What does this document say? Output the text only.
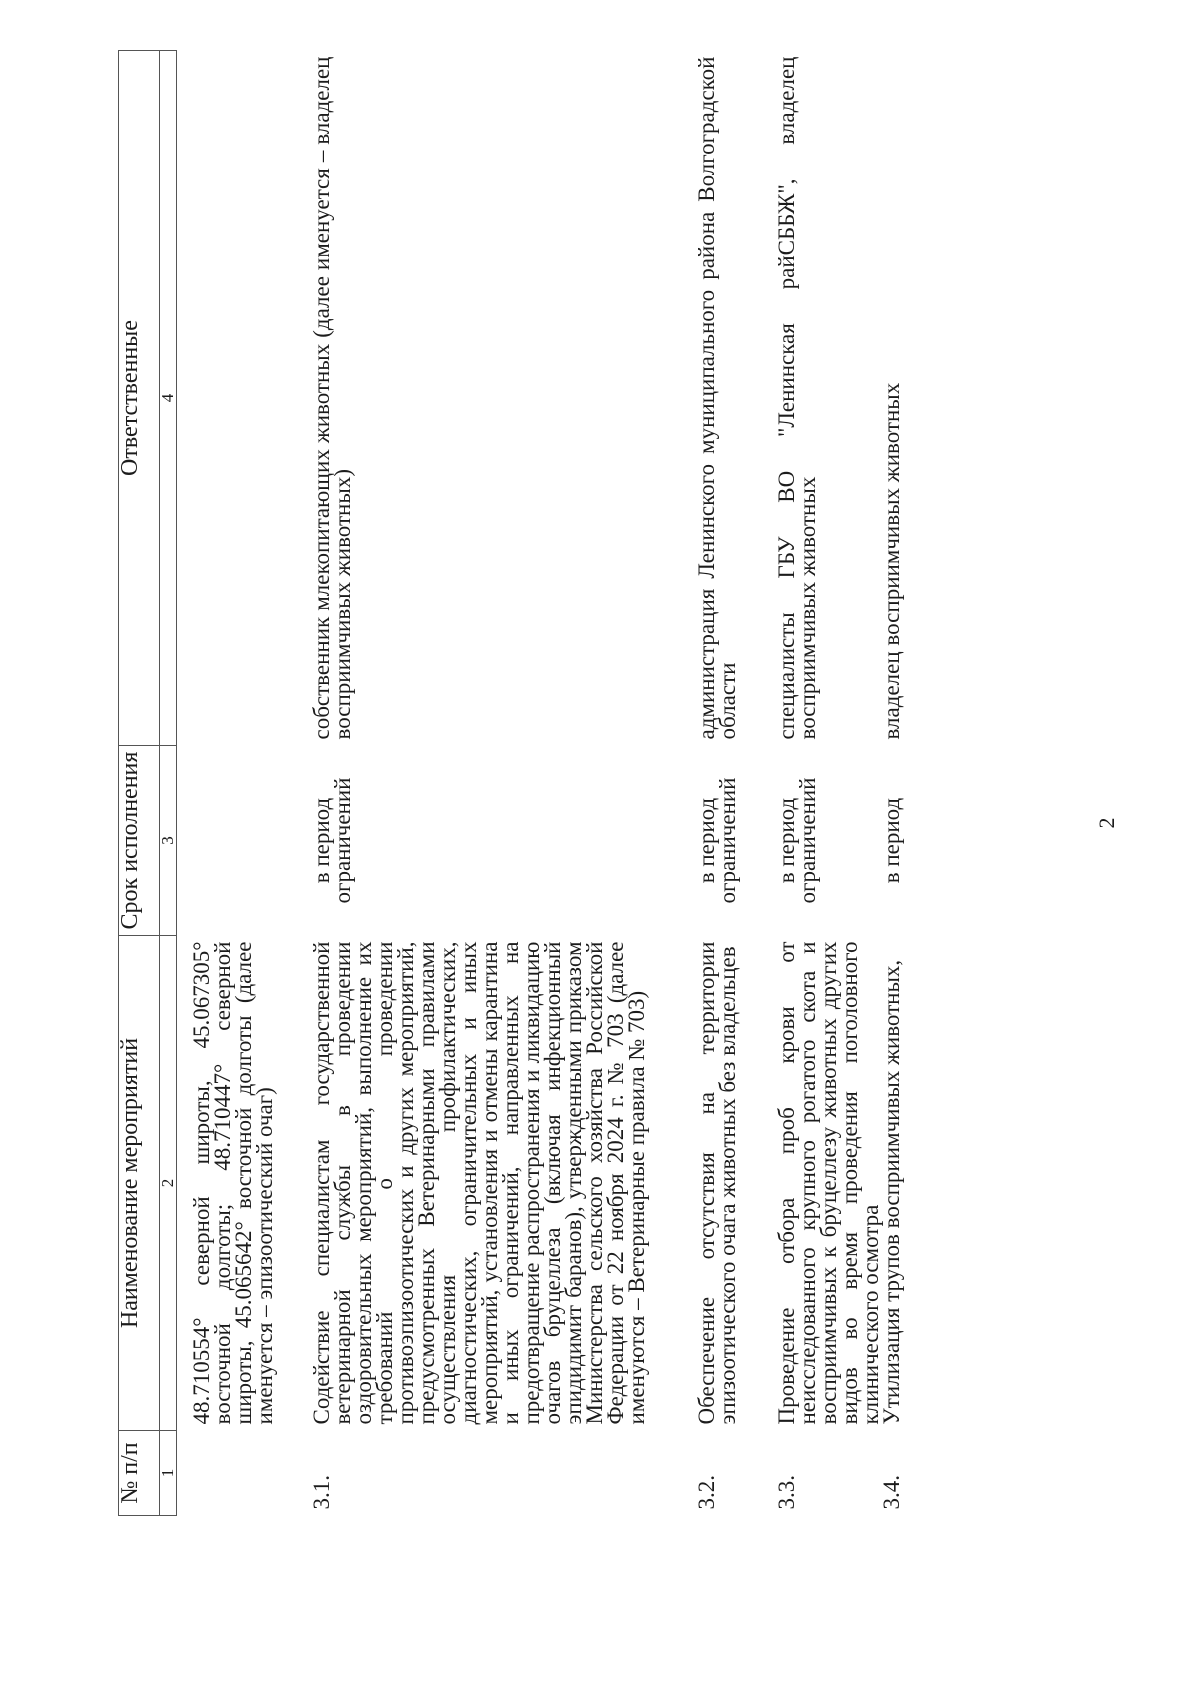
2
№ п/п	Наименование мероприятий	Срок исполнения	Ответственные
1	2	3	4
	48.710554° северной широты, 45.067305° восточной долготы; 48.710447° северной широты, 45.065642° восточной долготы (далее именуется – эпизоотический очаг)		
3.1.	Содействие специалистам государственной ветеринарной службы в проведении оздоровительных мероприятий, выполнение их требований о проведении противоэпизоотических и других мероприятий, предусмотренных Ветеринарными правилами осуществления профилактических, диагностических, ограничительных и иных мероприятий, установления и отмены карантина и иных ограничений, направленных на предотвращение распространения и ликвидацию очагов бруцеллеза (включая инфекционный эпидидимит баранов), утвержденными приказом Министерства сельского хозяйства Российской Федерации от 22 ноября 2024 г. № 703 (далее именуются – Ветеринарные правила № 703)	в период ограничений	собственник млекопитающих животных (далее именуется – владелец восприимчивых животных)
3.2.	Обеспечение отсутствия на территории эпизоотического очага животных без владельцев	в период ограничений	администрация Ленинского муниципального района Волгоградской области
3.3.	Проведение отбора проб крови от неисследованного крупного рогатого скота и восприимчивых к бруцеллезу животных других видов во время проведения поголовного клинического осмотра	в период ограничений	специалисты ГБУ ВО "Ленинская райСББЖ", владелец восприимчивых животных
3.4.	Утилизация трупов восприимчивых животных,	в период	владелец восприимчивых животных
